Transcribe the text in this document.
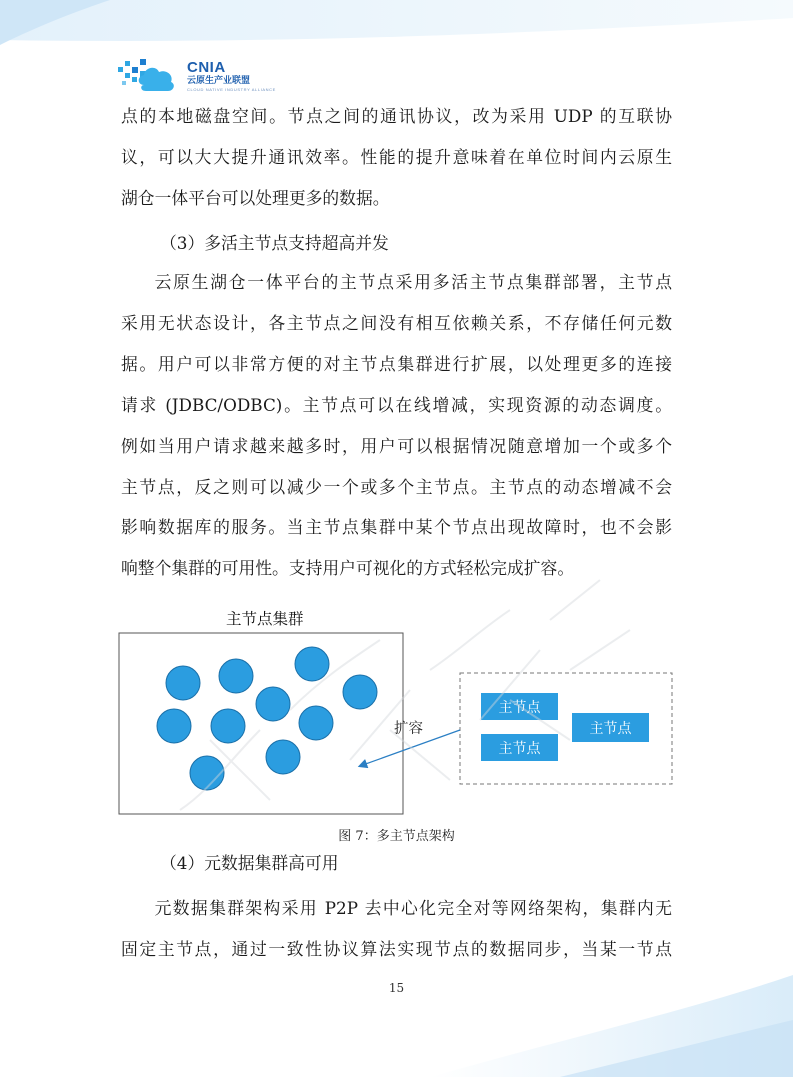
CNIA
云原生产业联盟
CLOUD NATIVE INDUSTRY ALLIANCE
点的本地磁盘空间。节点之间的通讯协议，改为采用 UDP 的互联协
议，可以大大提升通讯效率。性能的提升意味着在单位时间内云原生
湖仓一体平台可以处理更多的数据。
（3）多活主节点支持超高并发
云原生湖仓一体平台的主节点采用多活主节点集群部署，主节点
采用无状态设计，各主节点之间没有相互依赖关系，不存储任何元数
据。用户可以非常方便的对主节点集群进行扩展，以处理更多的连接
请求 (JDBC/ODBC)。主节点可以在线增减，实现资源的动态调度。
例如当用户请求越来越多时，用户可以根据情况随意增加一个或多个
主节点，反之则可以减少一个或多个主节点。主节点的动态增减不会
影响数据库的服务。当主节点集群中某个节点出现故障时，也不会影
响整个集群的可用性。支持用户可视化的方式轻松完成扩容。
主节点集群
扩容
主节点
主节点
主节点
图 7：多主节点架构
（4）元数据集群高可用
元数据集群架构采用 P2P 去中心化完全对等网络架构，集群内无
固定主节点，通过一致性协议算法实现节点的数据同步，当某一节点
15
